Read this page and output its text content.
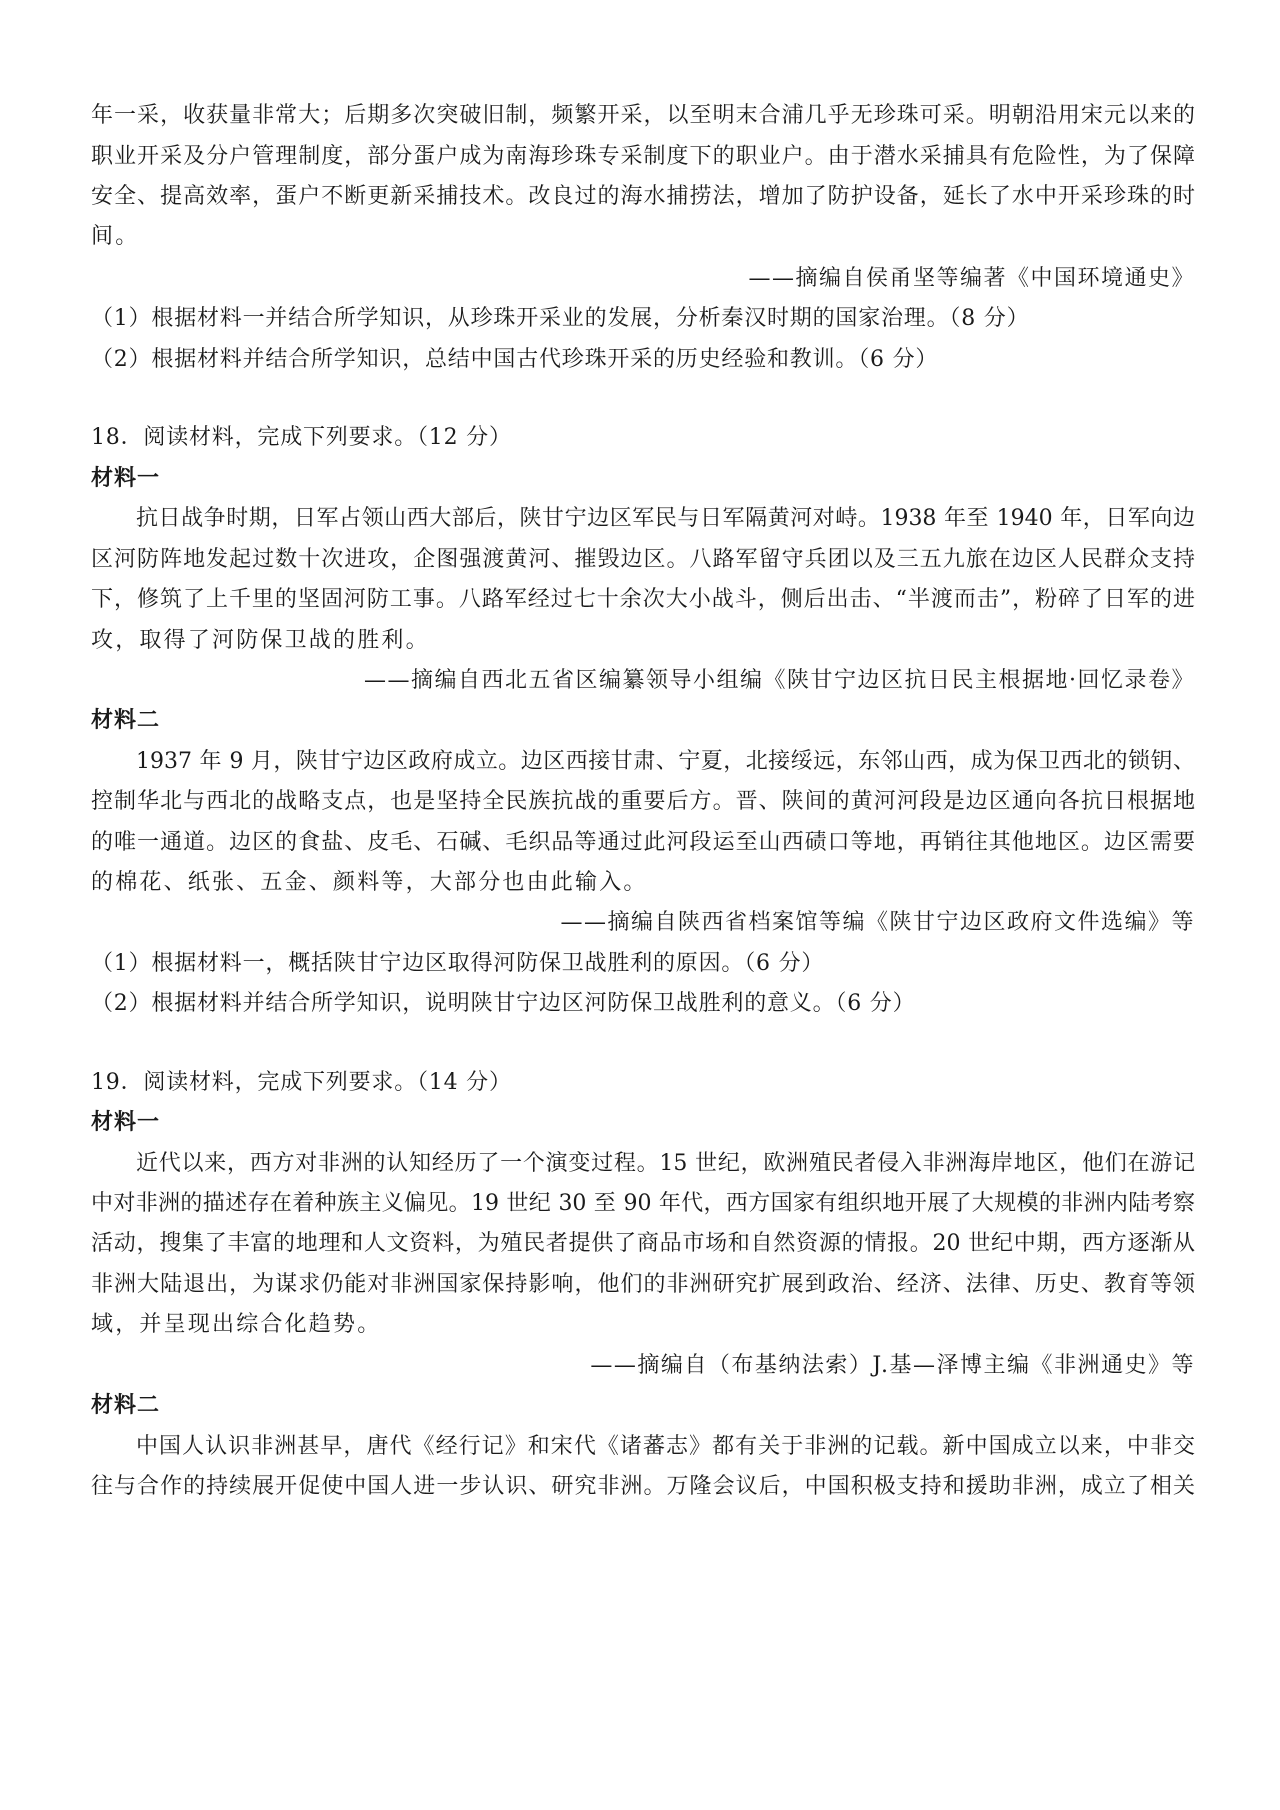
年一采，收获量非常大；后期多次突破旧制，频繁开采，以至明末合浦几乎无珍珠可采。明朝沿用宋元以来的

职业开采及分户管理制度，部分蛋户成为南海珍珠专采制度下的职业户。由于潜水采捕具有危险性，为了保障

安全、提高效率，蛋户不断更新采捕技术。改良过的海水捕捞法，增加了防护设备，延长了水中开采珍珠的时

间。

——摘编自侯甬坚等编著《中国环境通史》

（1）根据材料一并结合所学知识，从珍珠开采业的发展，分析秦汉时期的国家治理。（8 分）

（2）根据材料并结合所学知识，总结中国古代珍珠开采的历史经验和教训。（6 分）

18．阅读材料，完成下列要求。（12 分）

材料一

抗日战争时期，日军占领山西大部后，陕甘宁边区军民与日军隔黄河对峙。1938 年至 1940 年，日军向边

区河防阵地发起过数十次进攻，企图强渡黄河、摧毁边区。八路军留守兵团以及三五九旅在边区人民群众支持

下，修筑了上千里的坚固河防工事。八路军经过七十余次大小战斗，侧后出击、“半渡而击”，粉碎了日军的进

攻，取得了河防保卫战的胜利。

——摘编自西北五省区编纂领导小组编《陕甘宁边区抗日民主根据地·回忆录卷》

材料二

1937 年 9 月，陕甘宁边区政府成立。边区西接甘肃、宁夏，北接绥远，东邻山西，成为保卫西北的锁钥、

控制华北与西北的战略支点，也是坚持全民族抗战的重要后方。晋、陕间的黄河河段是边区通向各抗日根据地

的唯一通道。边区的食盐、皮毛、石碱、毛织品等通过此河段运至山西碛口等地，再销往其他地区。边区需要

的棉花、纸张、五金、颜料等，大部分也由此输入。

——摘编自陕西省档案馆等编《陕甘宁边区政府文件选编》等

（1）根据材料一，概括陕甘宁边区取得河防保卫战胜利的原因。（6 分）

（2）根据材料并结合所学知识，说明陕甘宁边区河防保卫战胜利的意义。（6 分）

19．阅读材料，完成下列要求。（14 分）

材料一

近代以来，西方对非洲的认知经历了一个演变过程。15 世纪，欧洲殖民者侵入非洲海岸地区，他们在游记

中对非洲的描述存在着种族主义偏见。19 世纪 30 至 90 年代，西方国家有组织地开展了大规模的非洲内陆考察

活动，搜集了丰富的地理和人文资料，为殖民者提供了商品市场和自然资源的情报。20 世纪中期，西方逐渐从

非洲大陆退出，为谋求仍能对非洲国家保持影响，他们的非洲研究扩展到政治、经济、法律、历史、教育等领

域，并呈现出综合化趋势。

——摘编自（布基纳法索）J.基—泽博主编《非洲通史》等

材料二

中国人认识非洲甚早，唐代《经行记》和宋代《诸蕃志》都有关于非洲的记载。新中国成立以来，中非交

往与合作的持续展开促使中国人进一步认识、研究非洲。万隆会议后，中国积极支持和援助非洲，成立了相关
